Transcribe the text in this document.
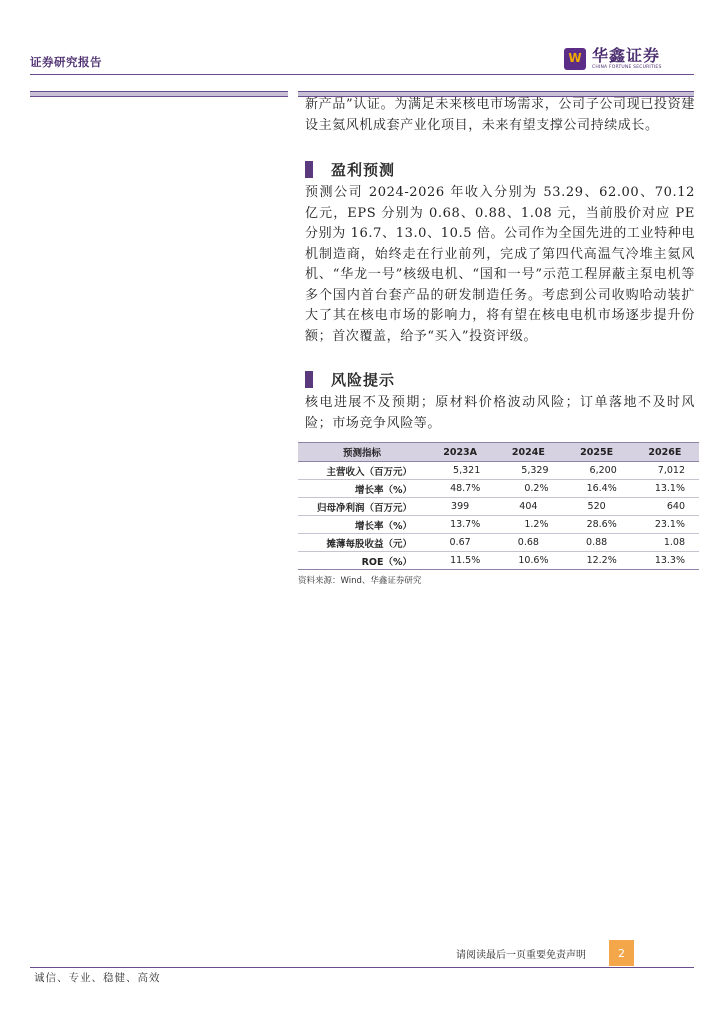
证券研究报告	W 华鑫证券
CHINA FORTUNE SECURITIES
新产品”认证。为满足未来核电市场需求，公司子公司现已投资建设主氦风机成套产业化项目，未来有望支撑公司持续成长。
盈利预测
预测公司 2024-2026 年收入分别为 53.29、62.00、70.12 亿元，EPS 分别为 0.68、0.88、1.08 元，当前股价对应 PE 分别为 16.7、13.0、10.5 倍。公司作为全国先进的工业特种电机制造商，始终走在行业前列，完成了第四代高温气冷堆主氦风机、“华龙一号”核级电机、“国和一号”示范工程屏蔽主泵电机等多个国内首台套产品的研发制造任务。考虑到公司收购哈动装扩大了其在核电市场的影响力，将有望在核电电机市场逐步提升份额；首次覆盖，给予“买入”投资评级。
风险提示
核电进展不及预期；原材料价格波动风险；订单落地不及时风险；市场竞争风险等。
预测指标	2023A	2024E	2025E	2026E
主营收入（百万元）	5,321	5,329	6,200	7,012
增长率（%）	48.7%	0.2%	16.4%	13.1%
归母净利润（百万元）	399	404	520	640
增长率（%）	13.7%	1.2%	28.6%	23.1%
摊薄每股收益（元）	0.67	0.68	0.88	1.08
ROE（%）	11.5%	10.6%	12.2%	13.3%
资料来源：Wind、华鑫证券研究
请阅读最后一页重要免责声明	2
诚信、专业、稳健、高效
